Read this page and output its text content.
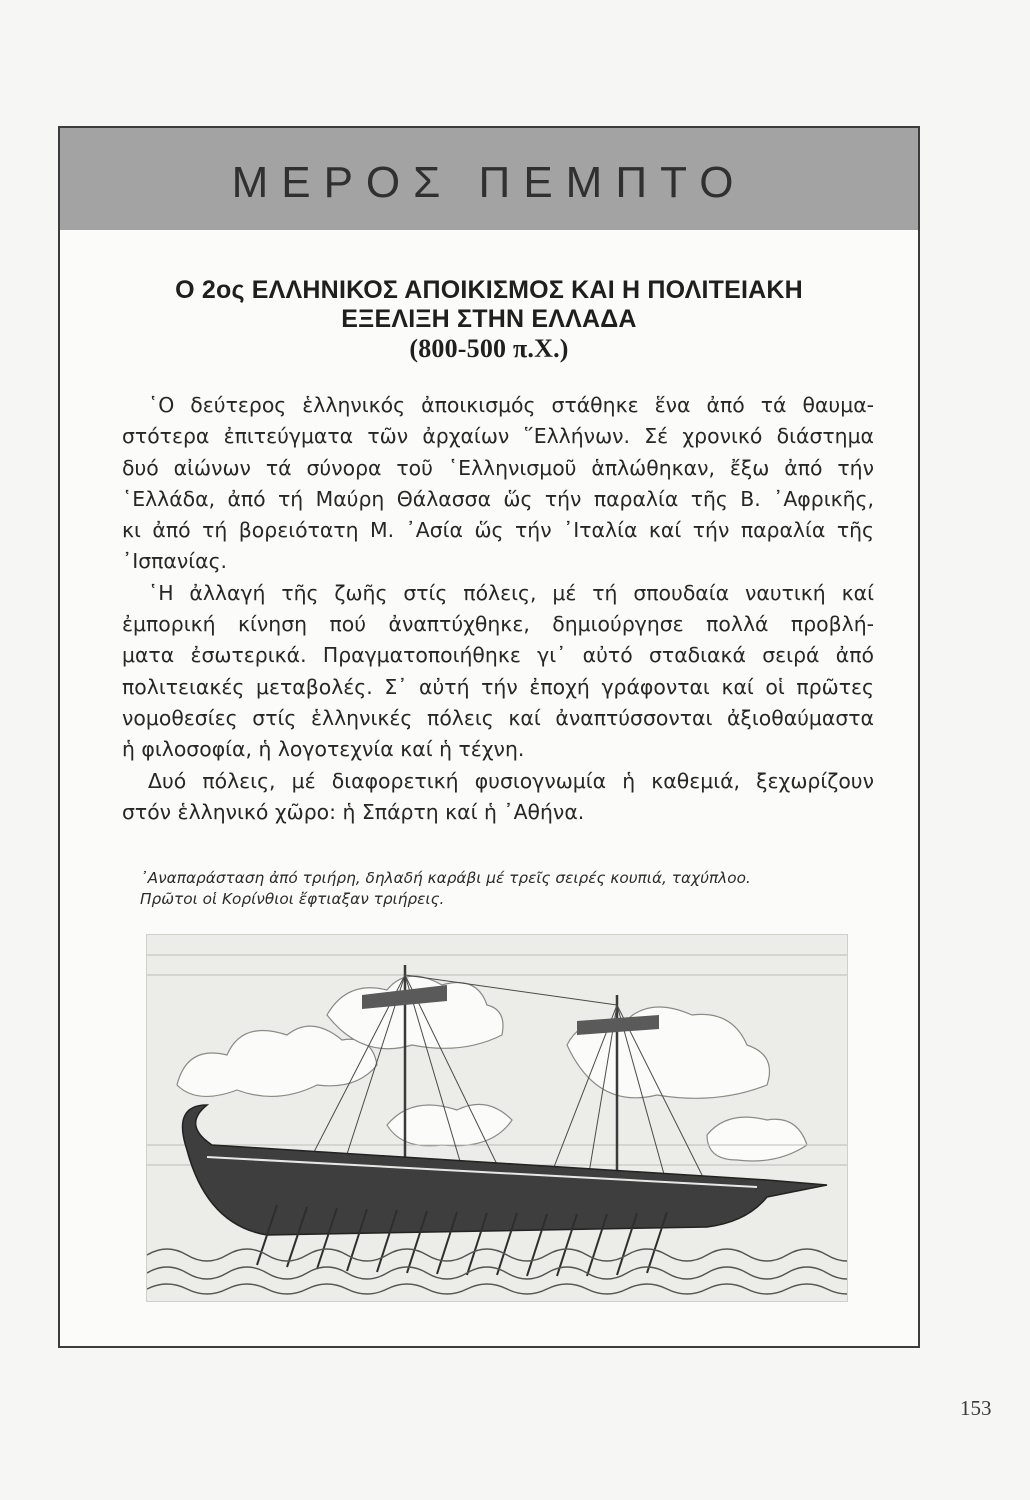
ΜΕΡΟΣ ΠΕΜΠΤΟ
Ο 2ος ΕΛΛΗΝΙΚΟΣ ΑΠΟΙΚΙΣΜΟΣ ΚΑΙ Η ΠΟΛΙΤΕΙΑΚΗ
ΕΞΕΛΙΞΗ ΣΤΗΝ ΕΛΛΑΔΑ
(800-500 π.Χ.)
῾Ο δεύτερος ἑλληνικός ἀποικισμός στάθηκε ἕνα ἀπό τά θαυμα-
στότερα ἐπιτεύγματα τῶν ἀρχαίων ῞Ελλήνων. Σέ χρονικό διάστημα
δυό αἰώνων τά σύνορα τοῦ ῾Ελληνισμοῦ ἁπλώθηκαν, ἔξω ἀπό τήν
῾Ελλάδα, ἀπό τή Μαύρη Θάλασσα ὥς τήν παραλία τῆς Β. ᾿Αφρικῆς,
κι ἀπό τή βορειότατη Μ. ᾿Ασία ὥς τήν ᾿Ιταλία καί τήν παραλία τῆς
᾿Ισπανίας.
῾Η ἀλλαγή τῆς ζωῆς στίς πόλεις, μέ τή σπουδαία ναυτική καί
ἐμπορική κίνηση πού ἀναπτύχθηκε, δημιούργησε πολλά προβλή-
ματα ἐσωτερικά. Πραγματοποιήθηκε γι᾿ αὐτό σταδιακά σειρά ἀπό
πολιτειακές μεταβολές. Σ᾿ αὐτή τήν ἐποχή γράφονται καί οἱ πρῶτες
νομοθεσίες στίς ἑλληνικές πόλεις καί ἀναπτύσσονται ἀξιοθαύμαστα
ἡ φιλοσοφία, ἡ λογοτεχνία καί ἡ τέχνη.
Δυό πόλεις, μέ διαφορετική φυσιογνωμία ἡ καθεμιά, ξεχωρίζουν
στόν ἑλληνικό χῶρο: ἡ Σπάρτη καί ἡ ᾿Αθήνα.
᾿Αναπαράσταση ἀπό τριήρη, δηλαδή καράβι μέ τρεῖς σειρές κουπιά, ταχύπλοο.
Πρῶτοι οἱ Κορίνθιοι ἔφτιαξαν τριήρεις.
153
